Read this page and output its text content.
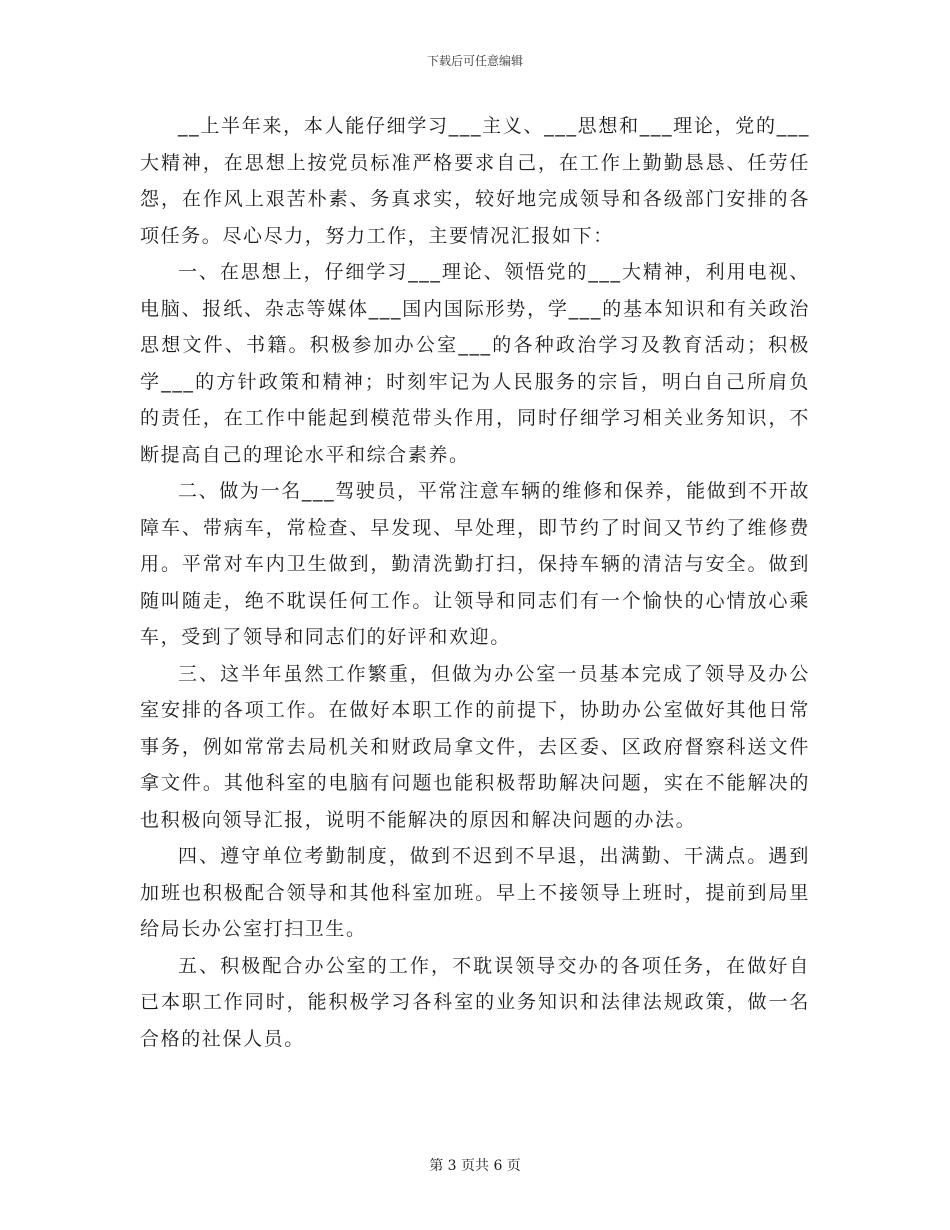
下载后可任意编辑

__上半年来，本人能仔细学习___主义、___思想和___理论，党的___大精神，在思想上按党员标准严格要求自己，在工作上勤勤恳恳、任劳任怨，在作风上艰苦朴素、务真求实，较好地完成领导和各级部门安排的各项任务。尽心尽力，努力工作，主要情况汇报如下：

一、在思想上，仔细学习___理论、领悟党的___大精神，利用电视、电脑、报纸、杂志等媒体___国内国际形势，学___的基本知识和有关政治思想文件、书籍。积极参加办公室___的各种政治学习及教育活动；积极学___的方针政策和精神；时刻牢记为人民服务的宗旨，明白自己所肩负的责任，在工作中能起到模范带头作用，同时仔细学习相关业务知识，不断提高自己的理论水平和综合素养。

二、做为一名___驾驶员，平常注意车辆的维修和保养，能做到不开故障车、带病车，常检查、早发现、早处理，即节约了时间又节约了维修费用。平常对车内卫生做到，勤清洗勤打扫，保持车辆的清洁与安全。做到随叫随走，绝不耽误任何工作。让领导和同志们有一个愉快的心情放心乘车，受到了领导和同志们的好评和欢迎。

三、这半年虽然工作繁重，但做为办公室一员基本完成了领导及办公室安排的各项工作。在做好本职工作的前提下，协助办公室做好其他日常事务，例如常常去局机关和财政局拿文件，去区委、区政府督察科送文件拿文件。其他科室的电脑有问题也能积极帮助解决问题，实在不能解决的也积极向领导汇报，说明不能解决的原因和解决问题的办法。

四、遵守单位考勤制度，做到不迟到不早退，出满勤、干满点。遇到加班也积极配合领导和其他科室加班。早上不接领导上班时，提前到局里给局长办公室打扫卫生。

五、积极配合办公室的工作，不耽误领导交办的各项任务，在做好自已本职工作同时，能积极学习各科室的业务知识和法律法规政策，做一名合格的社保人员。

第 3 页共 6 页
